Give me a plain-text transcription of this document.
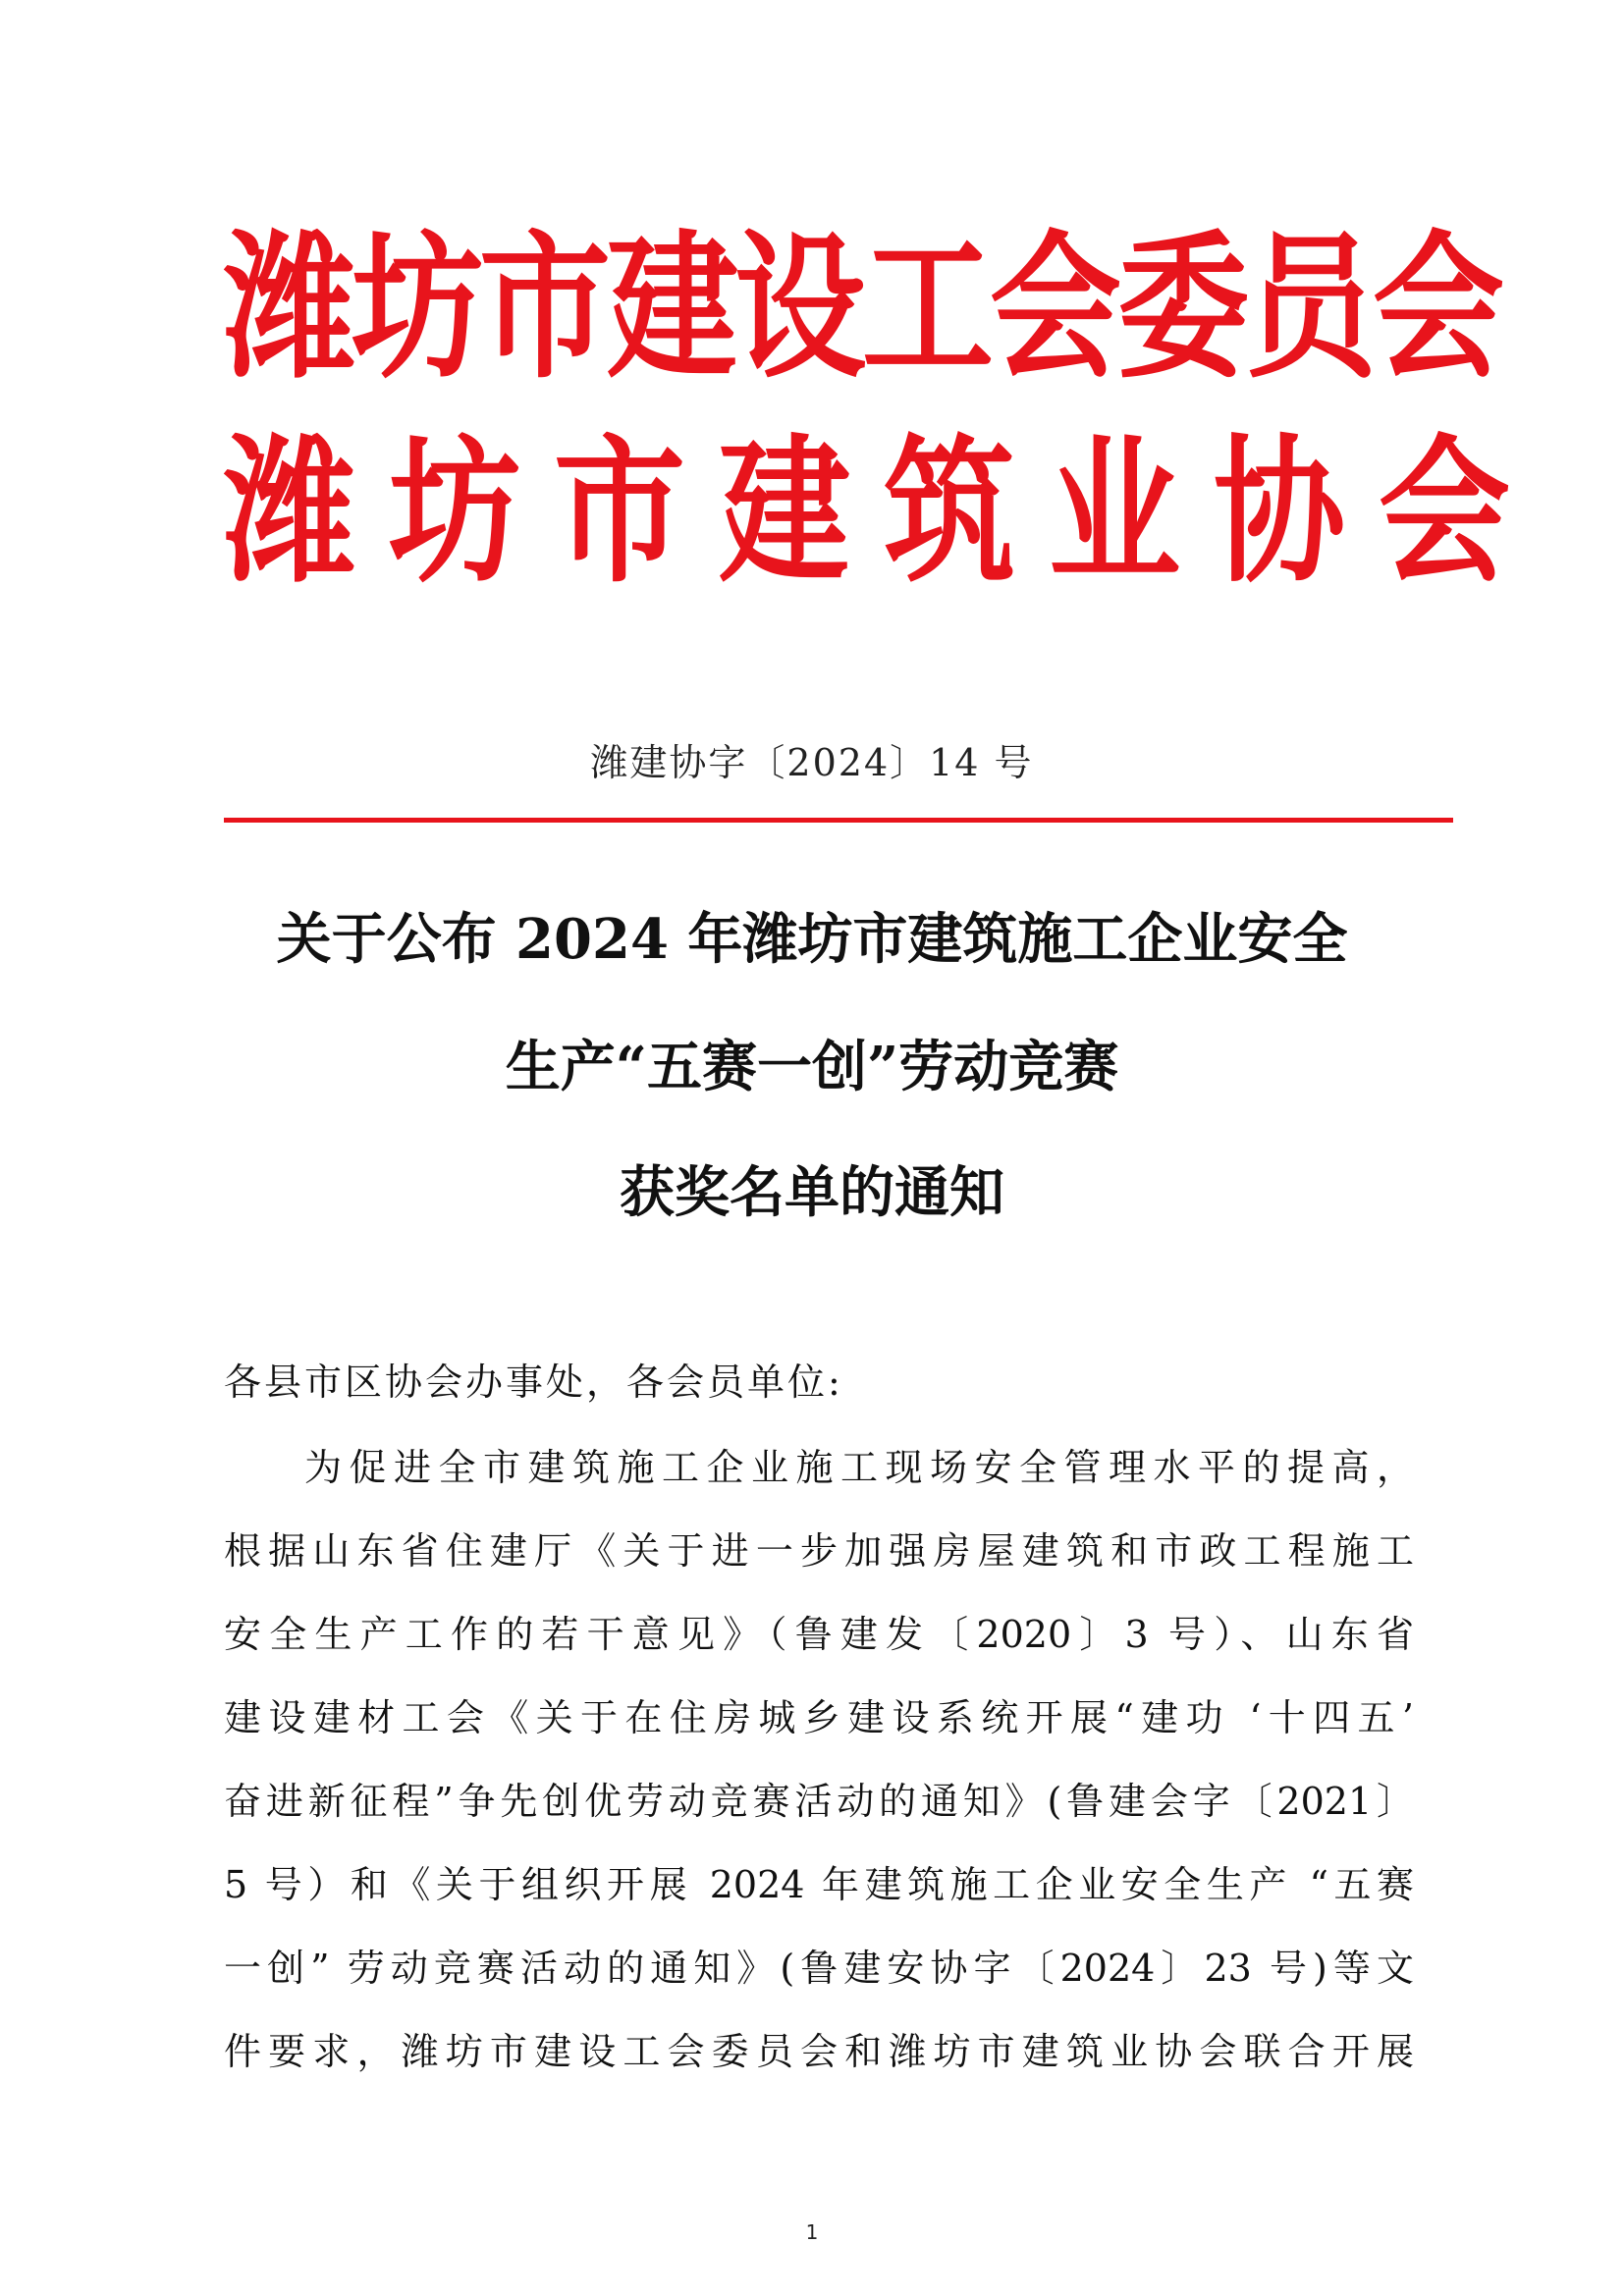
潍坊市建设工会委员会
潍坊市建筑业协会
潍建协字〔2024〕14 号
关于公布 2024 年潍坊市建筑施工企业安全
生产“五赛一创”劳动竞赛
获奖名单的通知
各县市区协会办事处，各会员单位:
为促进全市建筑施工企业施工现场安全管理水平的提高，
根据山东省住建厅《关于进一步加强房屋建筑和市政工程施工
安全生产工作的若干意见》（鲁建发〔2020〕3 号）、山东省
建设建材工会《关于在住房城乡建设系统开展“建功 ‘十四五’
奋进新征程”争先创优劳动竞赛活动的通知》(鲁建会字〔2021〕
5 号）和《关于组织开展 2024 年建筑施工企业安全生产 “五赛
一创” 劳动竞赛活动的通知》(鲁建安协字〔2024〕23 号)等文
件要求，潍坊市建设工会委员会和潍坊市建筑业协会联合开展
1
